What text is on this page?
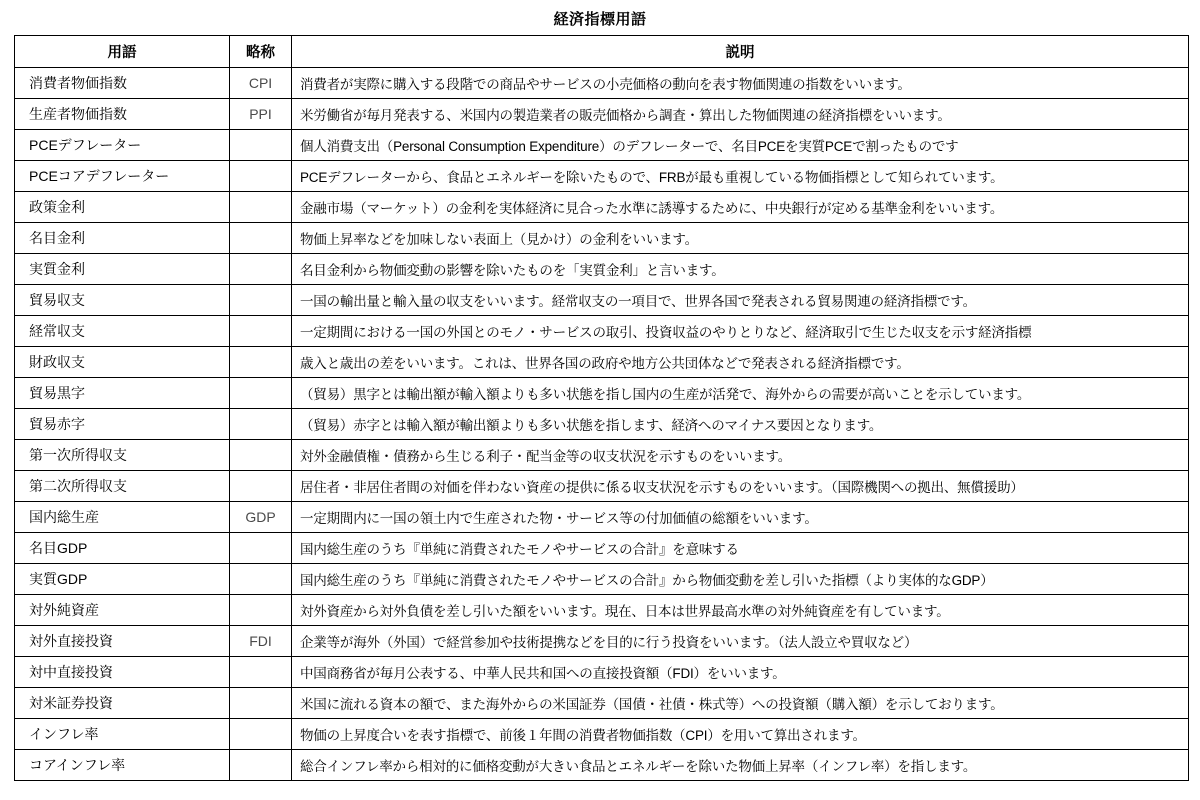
経済指標用語
用語	略称	説明
消費者物価指数	CPI	消費者が実際に購入する段階での商品やサービスの小売価格の動向を表す物価関連の指数をいいます。
生産者物価指数	PPI	米労働省が毎月発表する、米国内の製造業者の販売価格から調査・算出した物価関連の経済指標をいいます。
PCEデフレーター		個人消費支出（Personal Consumption Expenditure）のデフレーターで、名目PCEを実質PCEで割ったものです
PCEコアデフレーター		PCEデフレーターから、食品とエネルギーを除いたもので、FRBが最も重視している物価指標として知られています。
政策金利		金融市場（マーケット）の金利を実体経済に見合った水準に誘導するために、中央銀行が定める基準金利をいいます。
名目金利		物価上昇率などを加味しない表面上（見かけ）の金利をいいます。
実質金利		名目金利から物価変動の影響を除いたものを「実質金利」と言います。
貿易収支		一国の輸出量と輸入量の収支をいいます。経常収支の一項目で、世界各国で発表される貿易関連の経済指標です。
経常収支		一定期間における一国の外国とのモノ・サービスの取引、投資収益のやりとりなど、経済取引で生じた収支を示す経済指標
財政収支		歳入と歳出の差をいいます。これは、世界各国の政府や地方公共団体などで発表される経済指標です。
貿易黒字		（貿易）黒字とは輸出額が輸入額よりも多い状態を指し国内の生産が活発で、海外からの需要が高いことを示しています。
貿易赤字		（貿易）赤字とは輸入額が輸出額よりも多い状態を指します、経済へのマイナス要因となります。
第一次所得収支		対外金融債権・債務から生じる利子・配当金等の収支状況を示すものをいいます。
第二次所得収支		居住者・非居住者間の対価を伴わない資産の提供に係る収支状況を示すものをいいます。（国際機関への拠出、無償援助）
国内総生産	GDP	一定期間内に一国の領土内で生産された物・サービス等の付加価値の総額をいいます。
名目GDP		国内総生産のうち『単純に消費されたモノやサービスの合計』を意味する
実質GDP		国内総生産のうち『単純に消費されたモノやサービスの合計』から物価変動を差し引いた指標（より実体的なGDP）
対外純資産		対外資産から対外負債を差し引いた額をいいます。現在、日本は世界最高水準の対外純資産を有しています。
対外直接投資	FDI	企業等が海外（外国）で経営参加や技術提携などを目的に行う投資をいいます。（法人設立や買収など）
対中直接投資		中国商務省が毎月公表する、中華人民共和国への直接投資額（FDI）をいいます。
対米証券投資		米国に流れる資本の額で、また海外からの米国証券（国債・社債・株式等）への投資額（購入額）を示しております。
インフレ率		物価の上昇度合いを表す指標で、前後１年間の消費者物価指数（CPI）を用いて算出されます。
コアインフレ率		総合インフレ率から相対的に価格変動が大きい食品とエネルギーを除いた物価上昇率（インフレ率）を指します。
